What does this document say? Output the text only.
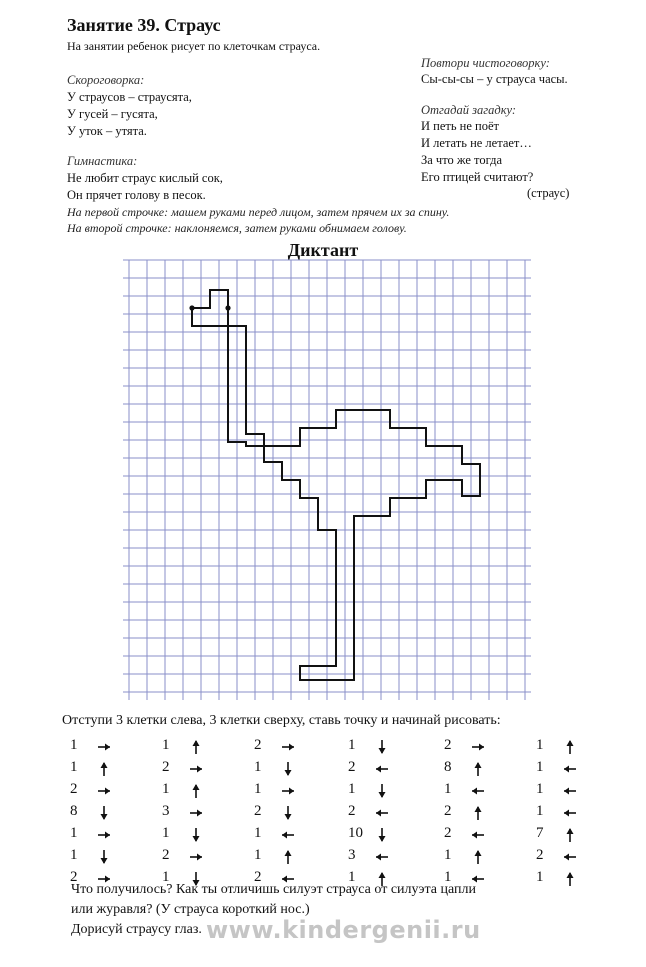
Занятие 39. Страус
На занятии ребенок рисует по клеточкам страуса.
Скороговорка:
У страусов – страусята,
У гусей – гусята,
У уток – утята.
Гимнастика:
Не любит страус кислый сок,
Он прячет голову в песок.
На первой строчке: машем руками перед лицом, затем прячем их за спину.
На второй строчке: наклоняемся, затем руками обнимаем голову.
Повтори чистоговорку:
Сы-сы-сы – у страуса часы.
Отгадай загадку:
И петь не поёт
И летать не летает…
За что же тогда
Его птицей считают?
(страус)
Диктант
Отступи 3 клетки слева, 3 клетки сверху, ставь точку и начинай рисовать:
1
1
2
8
1
1
2
1
2
1
3
1
2
1
2
1
1
2
1
1
2
1
2
1
2
10
3
1
2
8
1
2
2
1
1
1
1
1
1
7
2
1
Что получилось? Как ты отличишь силуэт страуса от силуэта цапли
или журавля? (У страуса короткий нос.)
Дорисуй страусу глаз. www.kindergenii.ru
